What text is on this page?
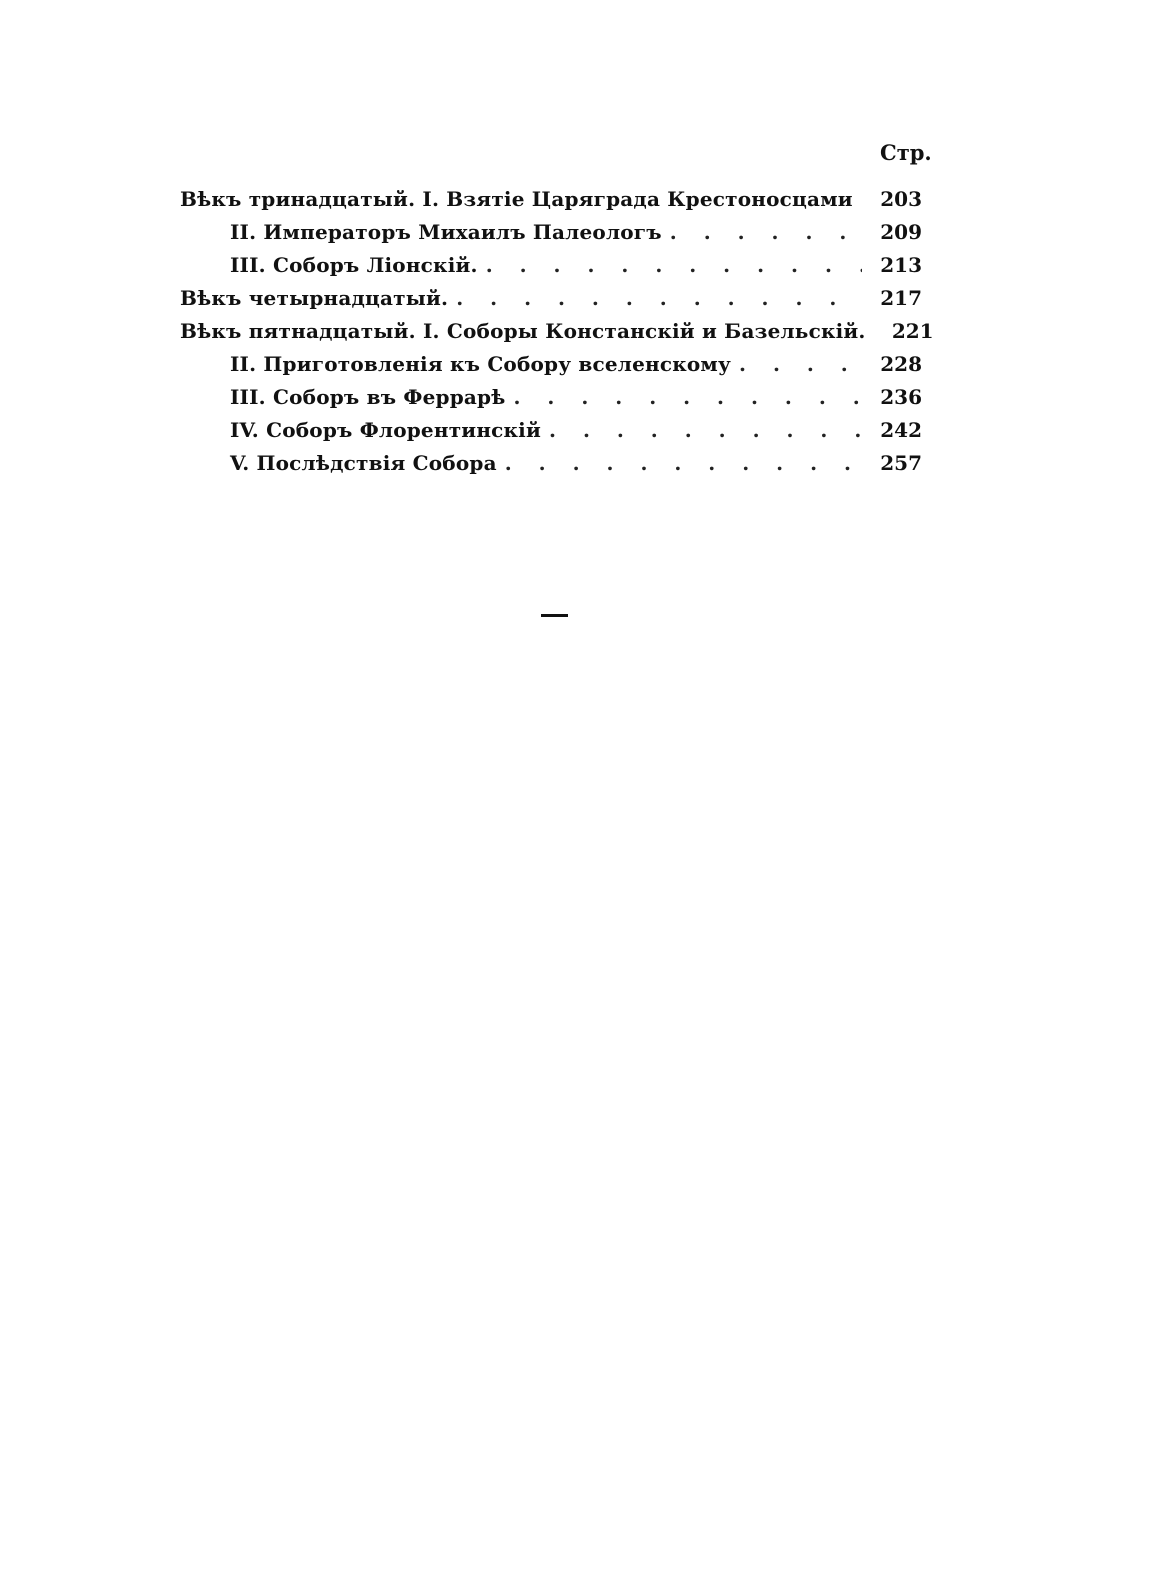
Стр.
Вѣкъ тринадцатый. I. Взятіе Царяграда Крестоносцами . . .	203
II. Императоръ Михаилъ Палеологъ . . .	209
III. Соборъ Ліонскій. . . .	213
Вѣкъ четырнадцатый. . . .	217
Вѣкъ пятнадцатый. I. Соборы Констанскій и Базельскій.	221
II. Приготовленія къ Собору вселенскому . . .	228
III. Соборъ въ Феррарѣ . . .	236
IV. Соборъ Флорентинскій . . .	242
V. Послѣдствія Собора . . .	257
